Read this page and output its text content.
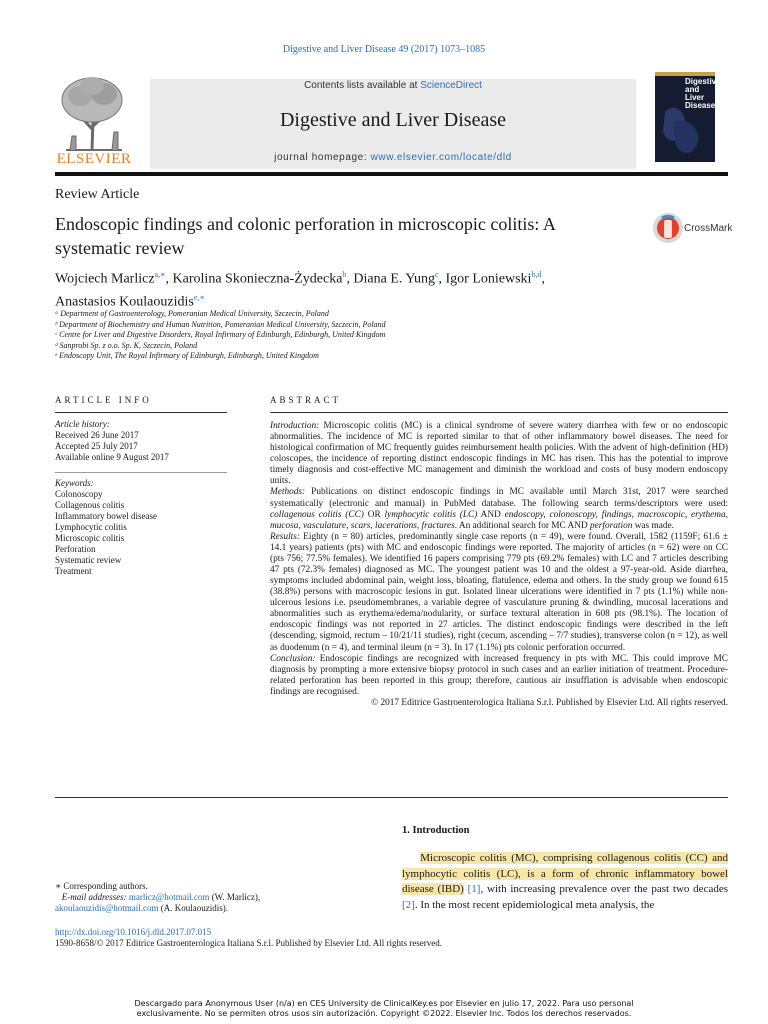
Digestive and Liver Disease 49 (2017) 1073–1085
ELSEVIER
Contents lists available at ScienceDirect
Digestive and Liver Disease
journal homepage: www.elsevier.com/locate/dld
Digestive
and
Liver
Disease
Review Article
Endoscopic findings and colonic perforation in microscopic colitis: A systematic review
CrossMark
Wojciech Marlicz$^{a,∗}$, Karolina Skonieczna-Żydecka$^b$, Diana E. Yung$^c$, Igor Loniewski$^{b,d}$,
Anastasios Koulaouzidis$^{e,∗}$
ᵃ Department of Gastroenterology, Pomeranian Medical University, Szczecin, Poland
ᵇ Department of Biochemistry and Human Nutrition, Pomeranian Medical University, Szczecin, Poland
ᶜ Centre for Liver and Digestive Disorders, Royal Infirmary of Edinburgh, Edinburgh, United Kingdom
ᵈ Sanprobi Sp. z o.o. Sp. K, Szczecin, Poland
ᵉ Endoscopy Unit, The Royal Infirmary of Edinburgh, Edinburgh, United Kingdom
ARTICLE INFO
Article history:
Received 26 June 2017
Accepted 25 July 2017
Available online 9 August 2017
Keywords:
Colonoscopy
Collagenous colitis
Inflammatory bowel disease
Lymphocytic colitis
Microscopic colitis
Perforation
Systematic review
Treatment
ABSTRACT

Introduction: Microscopic colitis (MC) is a clinical syndrome of severe watery diarrhea with few or no endoscopic abnormalities. The incidence of MC is reported similar to that of other inflammatory bowel diseases. The need for histological confirmation of MC frequently guides reimbursement health policies. With the advent of high-definition (HD) coloscopes, the incidence of reporting distinct endoscopic findings in MC has risen. This has the potential to improve timely diagnosis and cost-effective MC management and diminish the workload and costs of busy modern endoscopy units.

Methods: Publications on distinct endoscopic findings in MC available until March 31st, 2017 were searched systematically (electronic and manual) in PubMed database. The following search terms/descriptors were used: collagenous colitis (CC) OR lymphocytic colitis (LC) AND endoscopy, colonoscopy, findings, macroscopic, erythema, mucosa, vasculature, scars, lacerations, fractures. An additional search for MC AND perforation was made.

Results: Eighty (n = 80) articles, predominantly single case reports (n = 49), were found. Overall, 1582 (1159F; 61.6 ± 14.1 years) patients (pts) with MC and endoscopic findings were reported. The majority of articles (n = 62) were on CC (pts 756; 77.5% females). We identified 16 papers comprising 779 pts (69.2% females) with LC and 7 articles describing 47 pts (72.3% females) diagnosed as MC. The youngest patient was 10 and the oldest a 97-year-old. Aside diarrhea, symptoms included abdominal pain, weight loss, bloating, flatulence, edema and others. In the study group we found 615 (38.8%) persons with macroscopic lesions in gut. Isolated linear ulcerations were identified in 7 pts (1.1%) while non-ulcerous lesions i.e. pseudomembranes, a variable degree of vasculature pruning & dwindling, mucosal lacerations and abnormalities such as erythema/edema/nodularity, or surface textural alteration in 608 pts (98.1%). The location of endoscopic findings was not reported in 27 articles. The distinct endoscopic findings were described in the left (descending, sigmoid, rectum – 10/21/11 studies), right (cecum, ascending – 7/7 studies), transverse colon (n = 12), as well as duodenum (n = 4), and terminal ileum (n = 3). In 17 (1.1%) pts colonic perforation occurred.

Conclusion: Endoscopic findings are recognized with increased frequency in pts with MC. This could improve MC diagnosis by prompting a more extensive biopsy protocol in such cases and an earlier initiation of treatment. Procedure-related perforation has been reported in this group; therefore, cautious air insufflation is advisable when endoscopic findings are recognised.

© 2017 Editrice Gastroenterologica Italiana S.r.l. Published by Elsevier Ltd. All rights reserved.

1. Introduction
Microscopic colitis (MC), comprising collagenous colitis (CC) and lymphocytic colitis (LC), is a form of chronic inflammatory bowel disease (IBD) [1], with increasing prevalence over the past two decades [2]. In the most recent epidemiological meta analysis, the
∗ Corresponding authors.
E-mail addresses: marlicz@hotmail.com (W. Marlicz),
akoulaouzidis@hotmail.com (A. Koulaouzidis).
http://dx.doi.org/10.1016/j.dld.2017.07.015
1590-8658/© 2017 Editrice Gastroenterologica Italiana S.r.l. Published by Elsevier Ltd. All rights reserved.
Descargado para Anonymous User (n/a) en CES University de ClinicalKey.es por Elsevier en julio 17, 2022. Para uso personal
exclusivamente. No se permiten otros usos sin autorización. Copyright ©2022. Elsevier Inc. Todos los derechos reservados.
